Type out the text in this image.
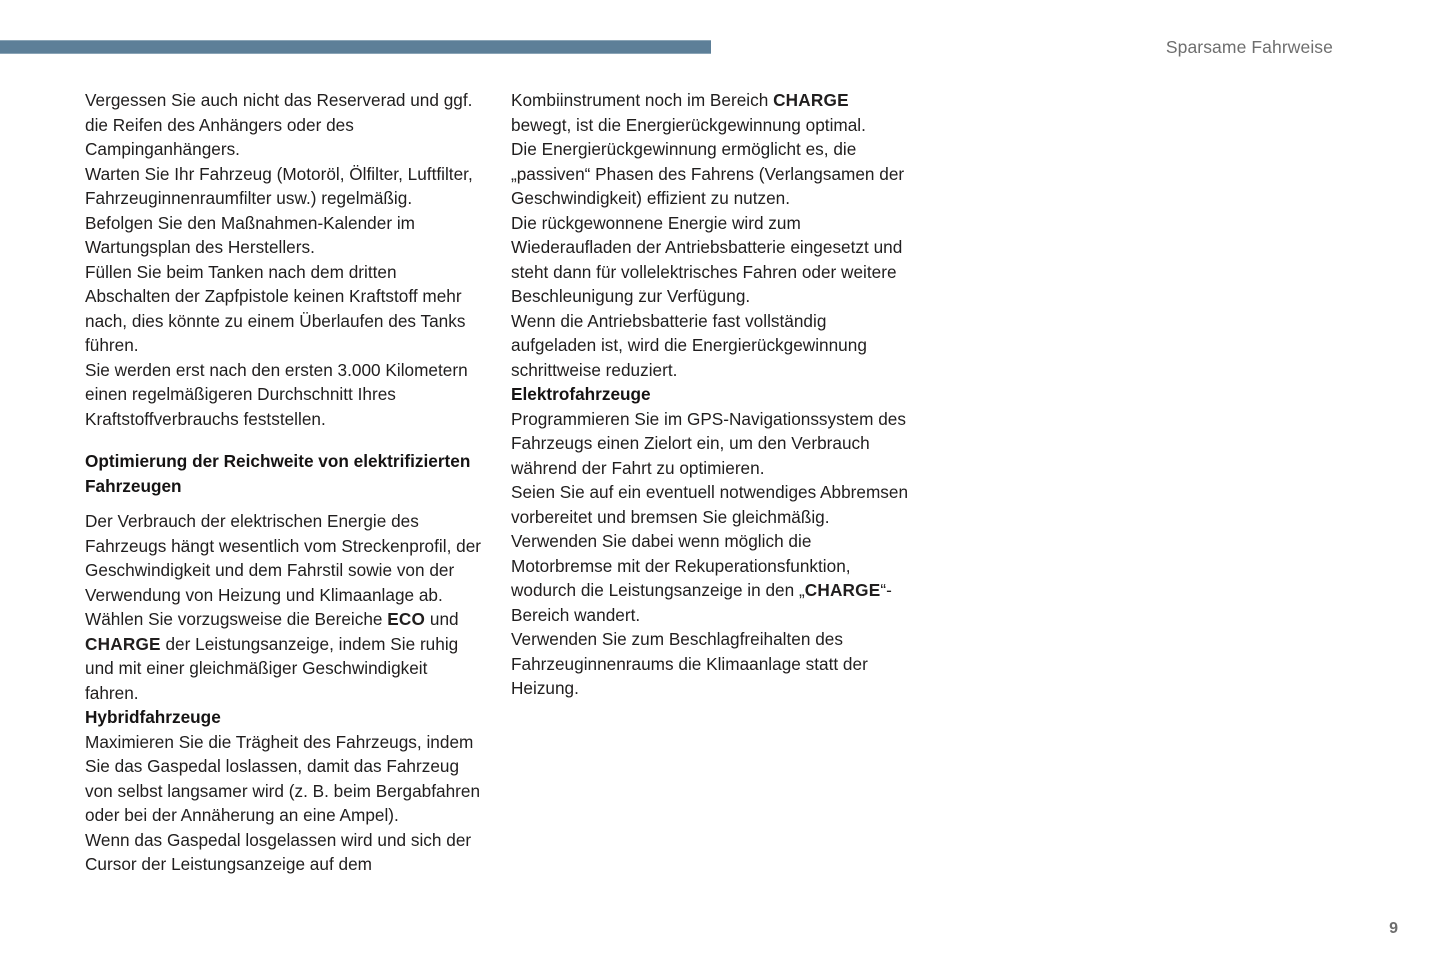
Sparsame Fahrweise

Vergessen Sie auch nicht das Reserverad und ggf. die Reifen des Anhängers oder des Campinganhängers.

Warten Sie Ihr Fahrzeug (Motoröl, Ölfilter, Luftfilter, Fahrzeuginnenraumfilter usw.) regelmäßig.

Befolgen Sie den Maßnahmen-Kalender im Wartungsplan des Herstellers.

Füllen Sie beim Tanken nach dem dritten Abschalten der Zapfpistole keinen Kraftstoff mehr nach, dies könnte zu einem Überlaufen des Tanks führen.

Sie werden erst nach den ersten 3.000 Kilometern einen regelmäßigeren Durchschnitt Ihres Kraftstoffverbrauchs feststellen.

Optimierung der Reichweite von elektrifizierten Fahrzeugen

Der Verbrauch der elektrischen Energie des Fahrzeugs hängt wesentlich vom Streckenprofil, der Geschwindigkeit und dem Fahrstil sowie von der Verwendung von Heizung und Klimaanlage ab.

Wählen Sie vorzugsweise die Bereiche ECO und CHARGE der Leistungsanzeige, indem Sie ruhig und mit einer gleichmäßiger Geschwindigkeit fahren.

Hybridfahrzeuge

Maximieren Sie die Trägheit des Fahrzeugs, indem Sie das Gaspedal loslassen, damit das Fahrzeug von selbst langsamer wird (z. B. beim Bergabfahren oder bei der Annäherung an eine Ampel).

Wenn das Gaspedal losgelassen wird und sich der Cursor der Leistungsanzeige auf dem

Kombiinstrument noch im Bereich CHARGE bewegt, ist die Energierückgewinnung optimal.

Die Energierückgewinnung ermöglicht es, die „passiven“ Phasen des Fahrens (Verlangsamen der Geschwindigkeit) effizient zu nutzen.

Die rückgewonnene Energie wird zum Wiederaufladen der Antriebsbatterie eingesetzt und steht dann für vollelektrisches Fahren oder weitere Beschleunigung zur Verfügung.

Wenn die Antriebsbatterie fast vollständig aufgeladen ist, wird die Energierückgewinnung schrittweise reduziert.

Elektrofahrzeuge

Programmieren Sie im GPS-Navigationssystem des Fahrzeugs einen Zielort ein, um den Verbrauch während der Fahrt zu optimieren.

Seien Sie auf ein eventuell notwendiges Abbremsen vorbereitet und bremsen Sie gleichmäßig. Verwenden Sie dabei wenn möglich die Motorbremse mit der Rekuperationsfunktion, wodurch die Leistungsanzeige in den „CHARGE“-Bereich wandert.

Verwenden Sie zum Beschlagfreihalten des Fahrzeuginnenraums die Klimaanlage statt der Heizung.

9
